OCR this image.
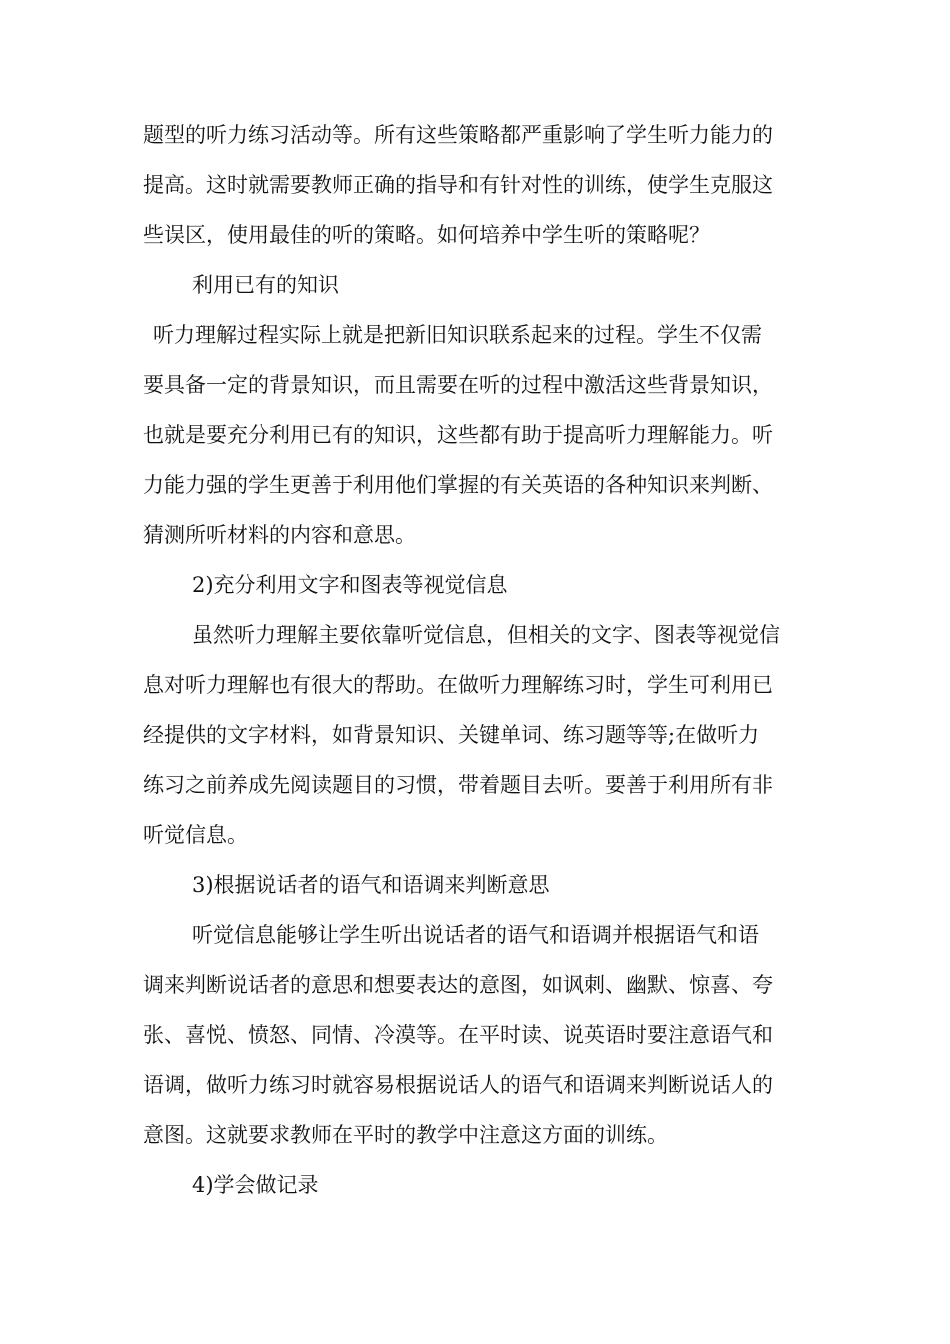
题型的听力练习活动等。所有这些策略都严重影响了学生听力能力的
提高。这时就需要教师正确的指导和有针对性的训练，使学生克服这
些误区，使用最佳的听的策略。如何培养中学生听的策略呢？
利用已有的知识
听力理解过程实际上就是把新旧知识联系起来的过程。学生不仅需
要具备一定的背景知识，而且需要在听的过程中激活这些背景知识，
也就是要充分利用已有的知识，这些都有助于提高听力理解能力。听
力能力强的学生更善于利用他们掌握的有关英语的各种知识来判断、
猜测所听材料的内容和意思。
2)充分利用文字和图表等视觉信息
虽然听力理解主要依靠听觉信息，但相关的文字、图表等视觉信
息对听力理解也有很大的帮助。在做听力理解练习时，学生可利用已
经提供的文字材料，如背景知识、关键单词、练习题等等;在做听力
练习之前养成先阅读题目的习惯，带着题目去听。要善于利用所有非
听觉信息。
3)根据说话者的语气和语调来判断意思
听觉信息能够让学生听出说话者的语气和语调并根据语气和语
调来判断说话者的意思和想要表达的意图，如讽刺、幽默、惊喜、夸
张、喜悦、愤怒、同情、冷漠等。在平时读、说英语时要注意语气和
语调，做听力练习时就容易根据说话人的语气和语调来判断说话人的
意图。这就要求教师在平时的教学中注意这方面的训练。
4)学会做记录
